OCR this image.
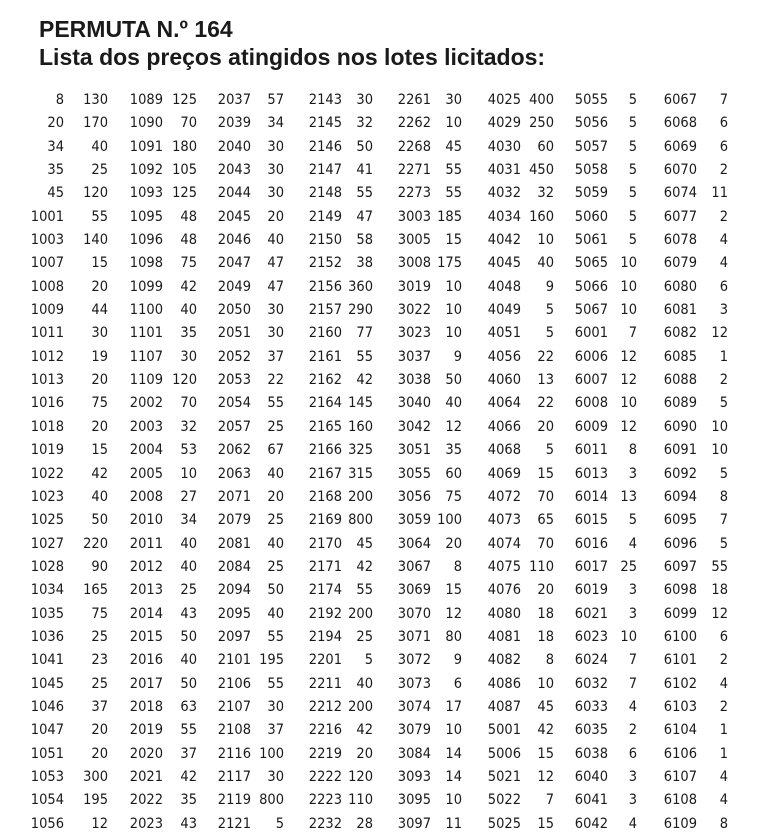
PERMUTA N.º 164
Lista dos preços atingidos nos lotes licitados:
8	130	1089 125	2037	57	2143 30	2261 30	4025 400	5055	5	6067	7
20	170	1090	70	2039	34	2145 32	2262 10	4029 250	5056	5	6068	6
34	40	1091 180	2040	30	2146 50	2268 45	4030	60	5057	5	6069	6
35	25	1092 105	2043	30	2147 41	2271 55	4031 450	5058	5	6070	2
45	120	1093 125	2044	30	2148 55	2273 55	4032	32	5059	5	6074 11
1001	55	1095	48	2045	20	2149 47	3003 185	4034 160	5060	5	6077	2
1003	140	1096	48	2046	40	2150 58	3005 15	4042	10	5061	5	6078	4
1007	15	1098	75	2047	47	2152 38	3008 175	4045	40	5065 10	6079	4
1008	20	1099	42	2049	47	2156 360	3019 10	4048	9	5066 10	6080	6
1009	44	1100	40	2050	30	2157 290	3022 10	4049	5	5067 10	6081	3
1011	30	1101	35	2051	30	2160 77	3023 10	4051	5	6001	7	6082 12
1012	19	1107	30	2052	37	2161 55	3037	9	4056	22	6006 12	6085	1
1013	20	1109 120	2053	22	2162 42	3038 50	4060	13	6007 12	6088	2
1016	75	2002	70	2054	55	2164 145	3040 40	4064	22	6008 10	6089	5
1018	20	2003	32	2057	25	2165 160	3042 12	4066	20	6009 12	6090 10
1019	15	2004	53	2062	67	2166 325	3051 35	4068	5	6011	8	6091 10
1022	42	2005	10	2063	40	2167 315	3055 60	4069	15	6013	3	6092	5
1023	40	2008	27	2071	20	2168 200	3056 75	4072	70	6014 13	6094	8
1025	50	2010	34	2079	25	2169 800	3059 100	4073	65	6015	5	6095	7
1027	220	2011	40	2081	40	2170 45	3064 20	4074	70	6016	4	6096	5
1028	90	2012	40	2084	25	2171 42	3067	8	4075 110	6017 25	6097 55
1034	165	2013	25	2094	50	2174 55	3069 15	4076	20	6019	3	6098 18
1035	75	2014	43	2095	40	2192 200	3070 12	4080	18	6021	3	6099 12
1036	25	2015	50	2097	55	2194 25	3071 80	4081	18	6023 10	6100	6
1041	23	2016	40	2101 195	2201	5	3072	9	4082	8	6024	7	6101	2
1045	25	2017	50	2106	55	2211 40	3073	6	4086	10	6032	7	6102	4
1046	37	2018	63	2107	30	2212 200	3074 17	4087	45	6033	4	6103	2
1047	20	2019	55	2108	37	2216 42	3079 10	5001	42	6035	2	6104	1
1051	20	2020	37	2116 100	2219 20	3084 14	5006	15	6038	6	6106	1
1053	300	2021	42	2117	30	2222 120	3093 14	5021	12	6040	3	6107	4
1054	195	2022	35	2119 800	2223 110	3095 10	5022	7	6041	3	6108	4
1056	12	2023	43	2121	5	2232 28	3097 11	5025	15	6042	4	6109	8
